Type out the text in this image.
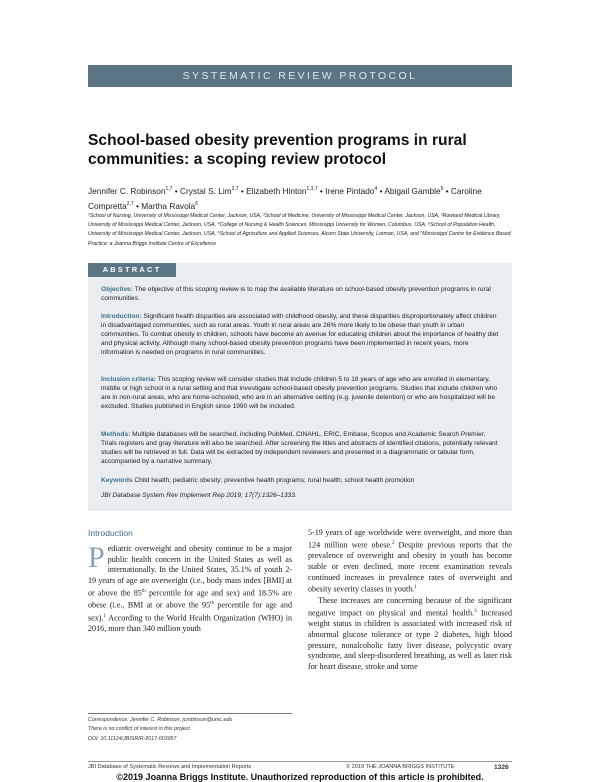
SYSTEMATIC REVIEW PROTOCOL
School-based obesity prevention programs in rural communities: a scoping review protocol
Jennifer C. Robinson$^{1,7}$ • Crystal S. Lim$^{2,7}$ • Elizabeth Hinton$^{1,3,7}$ • Irene Pintado$^4$ • Abigail Gamble$^5$ • Caroline Compretta$^{2,7}$ • Martha Ravola$^6$
¹School of Nursing, University of Mississippi Medical Center, Jackson, USA, ²School of Medicine, University of Mississippi Medical Center, Jackson, USA, ³Rowland Medical Library, University of Mississippi Medical Center, Jackson, USA, ⁴College of Nursing & Health Sciences, Mississippi University for Women, Columbus, USA, ⁵School of Population Health, University of Mississippi Medical Center, Jackson, USA, ⁶School of Agriculture and Applied Sciences, Alcorn State University, Lorman, USA, and ⁷Mississippi Centre for Evidence Based Practice: a Joanna Briggs Institute Centre of Excellence
ABSTRACT
Objective: The objective of this scoping review is to map the available literature on school-based obesity prevention programs in rural communities.
Introduction: Significant health disparities are associated with childhood obesity, and these disparities disproportionately affect children in disadvantaged communities, such as rural areas. Youth in rural areas are 26% more likely to be obese than youth in urban communities. To combat obesity in children, schools have become an avenue for educating children about the importance of healthy diet and physical activity. Although many school-based obesity prevention programs have been implemented in recent years, more information is needed on programs in rural communities.
Inclusion criteria: This scoping review will consider studies that include children 5 to 18 years of age who are enrolled in elementary, middle or high school in a rural setting and that investigate school-based obesity prevention programs. Studies that include children who are in non-rural areas, who are home-schooled, who are in an alternative setting (e.g. juvenile detention) or who are hospitalized will be excluded. Studies published in English since 1990 will be included.
Methods: Multiple databases will be searched, including PubMed, CINAHL, ERIC, Embase, Scopus and Academic Search Premier. Trials registers and gray literature will also be searched. After screening the titles and abstracts of identified citations, potentially relevant studies will be retrieved in full. Data will be extracted by independent reviewers and presented in a diagrammatic or tabular form, accompanied by a narrative summary.
Keywords Child health; pediatric obesity; preventive health programs; rural health; school health promotion
JBI Database System Rev Implement Rep 2019; 17(7):1326–1333.
Introduction

Pediatric overweight and obesity continue to be a major public health concern in the United States as well as internationally. In the United States, 35.1% of youth 2-19 years of age are overweight (i.e., body mass index [BMI] at or above the 85th percentile for age and sex) and 18.5% are obese (i.e., BMI at or above the 95th percentile for age and sex).$^1$ According to the World Health Organization (WHO) in 2016, more than 340 million youth

5-19 years of age worldwide were overweight, and more than 124 million were obese.$^2$ Despite previous reports that the prevalence of overweight and obesity in youth has become stable or even declined, more recent examination reveals continued increases in prevalence rates of overweight and obesity severity classes in youth.$^1$

These increases are concerning because of the significant negative impact on physical and mental health.$^3$ Increased weight status in children is associated with increased risk of abnormal glucose tolerance or type 2 diabetes, high blood pressure, nonalcoholic fatty liver disease, polycystic ovary syndrome, and sleep-disordered breathing, as well as later risk for heart disease, stroke and some

Correspondence: Jennifer C. Robinson, jcrobinson@umc.edu
There is no conflict of interest in this project.
DOI: 10.11124/JBISRIR-2017-003957
JBI Database of Systematic Reviews and Implementation Reports	© 2019 THE JOANNA BRIGGS INSTITUTE	1326
©2019 Joanna Briggs Institute. Unauthorized reproduction of this article is prohibited.
